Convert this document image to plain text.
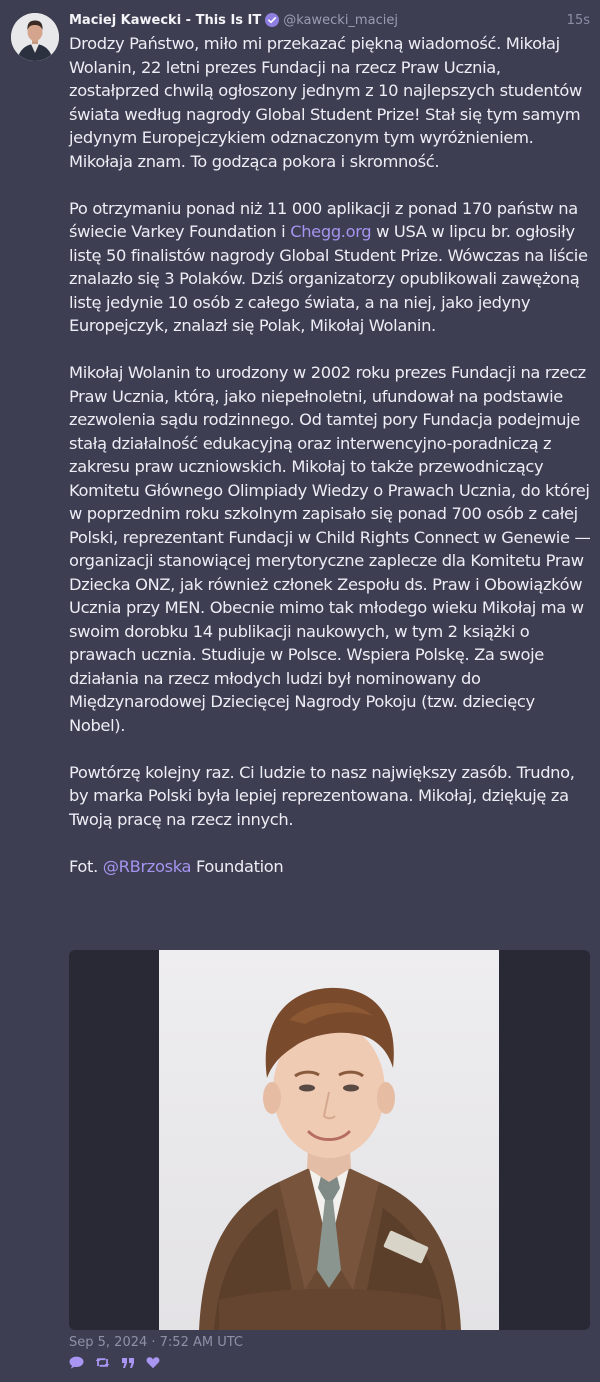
Maciej Kawecki - This Is IT @kawecki_maciej	15s

Drodzy Państwo, miło mi przekazać piękną wiadomość. Mikołaj Wolanin, 22 letni prezes Fundacji na rzecz Praw Ucznia, zostałprzed chwilą ogłoszony jednym z 10 najlepszych studentów świata według nagrody Global Student Prize! Stał się tym samym jedynym Europejczykiem odznaczonym tym wyróżnieniem. Mikołaja znam. To godząca pokora i skromność.

Po otrzymaniu ponad niż 11 000 aplikacji z ponad 170 państw na świecie Varkey Foundation i Chegg.org w USA w lipcu br. ogłosiły listę 50 finalistów nagrody Global Student Prize. Wówczas na liście znalazło się 3 Polaków. Dziś organizatorzy opublikowali zawężoną listę jedynie 10 osób z całego świata, a na niej, jako jedyny Europejczyk, znalazł się Polak, Mikołaj Wolanin.

Mikołaj Wolanin to urodzony w 2002 roku prezes Fundacji na rzecz Praw Ucznia, którą, jako niepełnoletni, ufundował na podstawie zezwolenia sądu rodzinnego. Od tamtej pory Fundacja podejmuje stałą działalność edukacyjną oraz interwencyjno-poradniczą z zakresu praw uczniowskich. Mikołaj to także przewodniczący Komitetu Głównego Olimpiady Wiedzy o Prawach Ucznia, do której w poprzednim roku szkolnym zapisało się ponad 700 osób z całej Polski, reprezentant Fundacji w Child Rights Connect w Genewie — organizacji stanowiącej merytoryczne zaplecze dla Komitetu Praw Dziecka ONZ, jak również członek Zespołu ds. Praw i Obowiązków Ucznia przy MEN. Obecnie mimo tak młodego wieku Mikołaj ma w swoim dorobku 14 publikacji naukowych, w tym 2 książki o prawach ucznia. Studiuje w Polsce. Wspiera Polskę. Za swoje działania na rzecz młodych ludzi był nominowany do Międzynarodowej Dziecięcej Nagrody Pokoju (tzw. dziecięcy Nobel).

Powtórzę kolejny raz. Ci ludzie to nasz największy zasób. Trudno, by marka Polski była lepiej reprezentowana. Mikołaj, dziękuję za Twoją pracę na rzecz innych.

Fot. @RBrzoska Foundation

Sep 5, 2024 · 7:52 AM UTC
